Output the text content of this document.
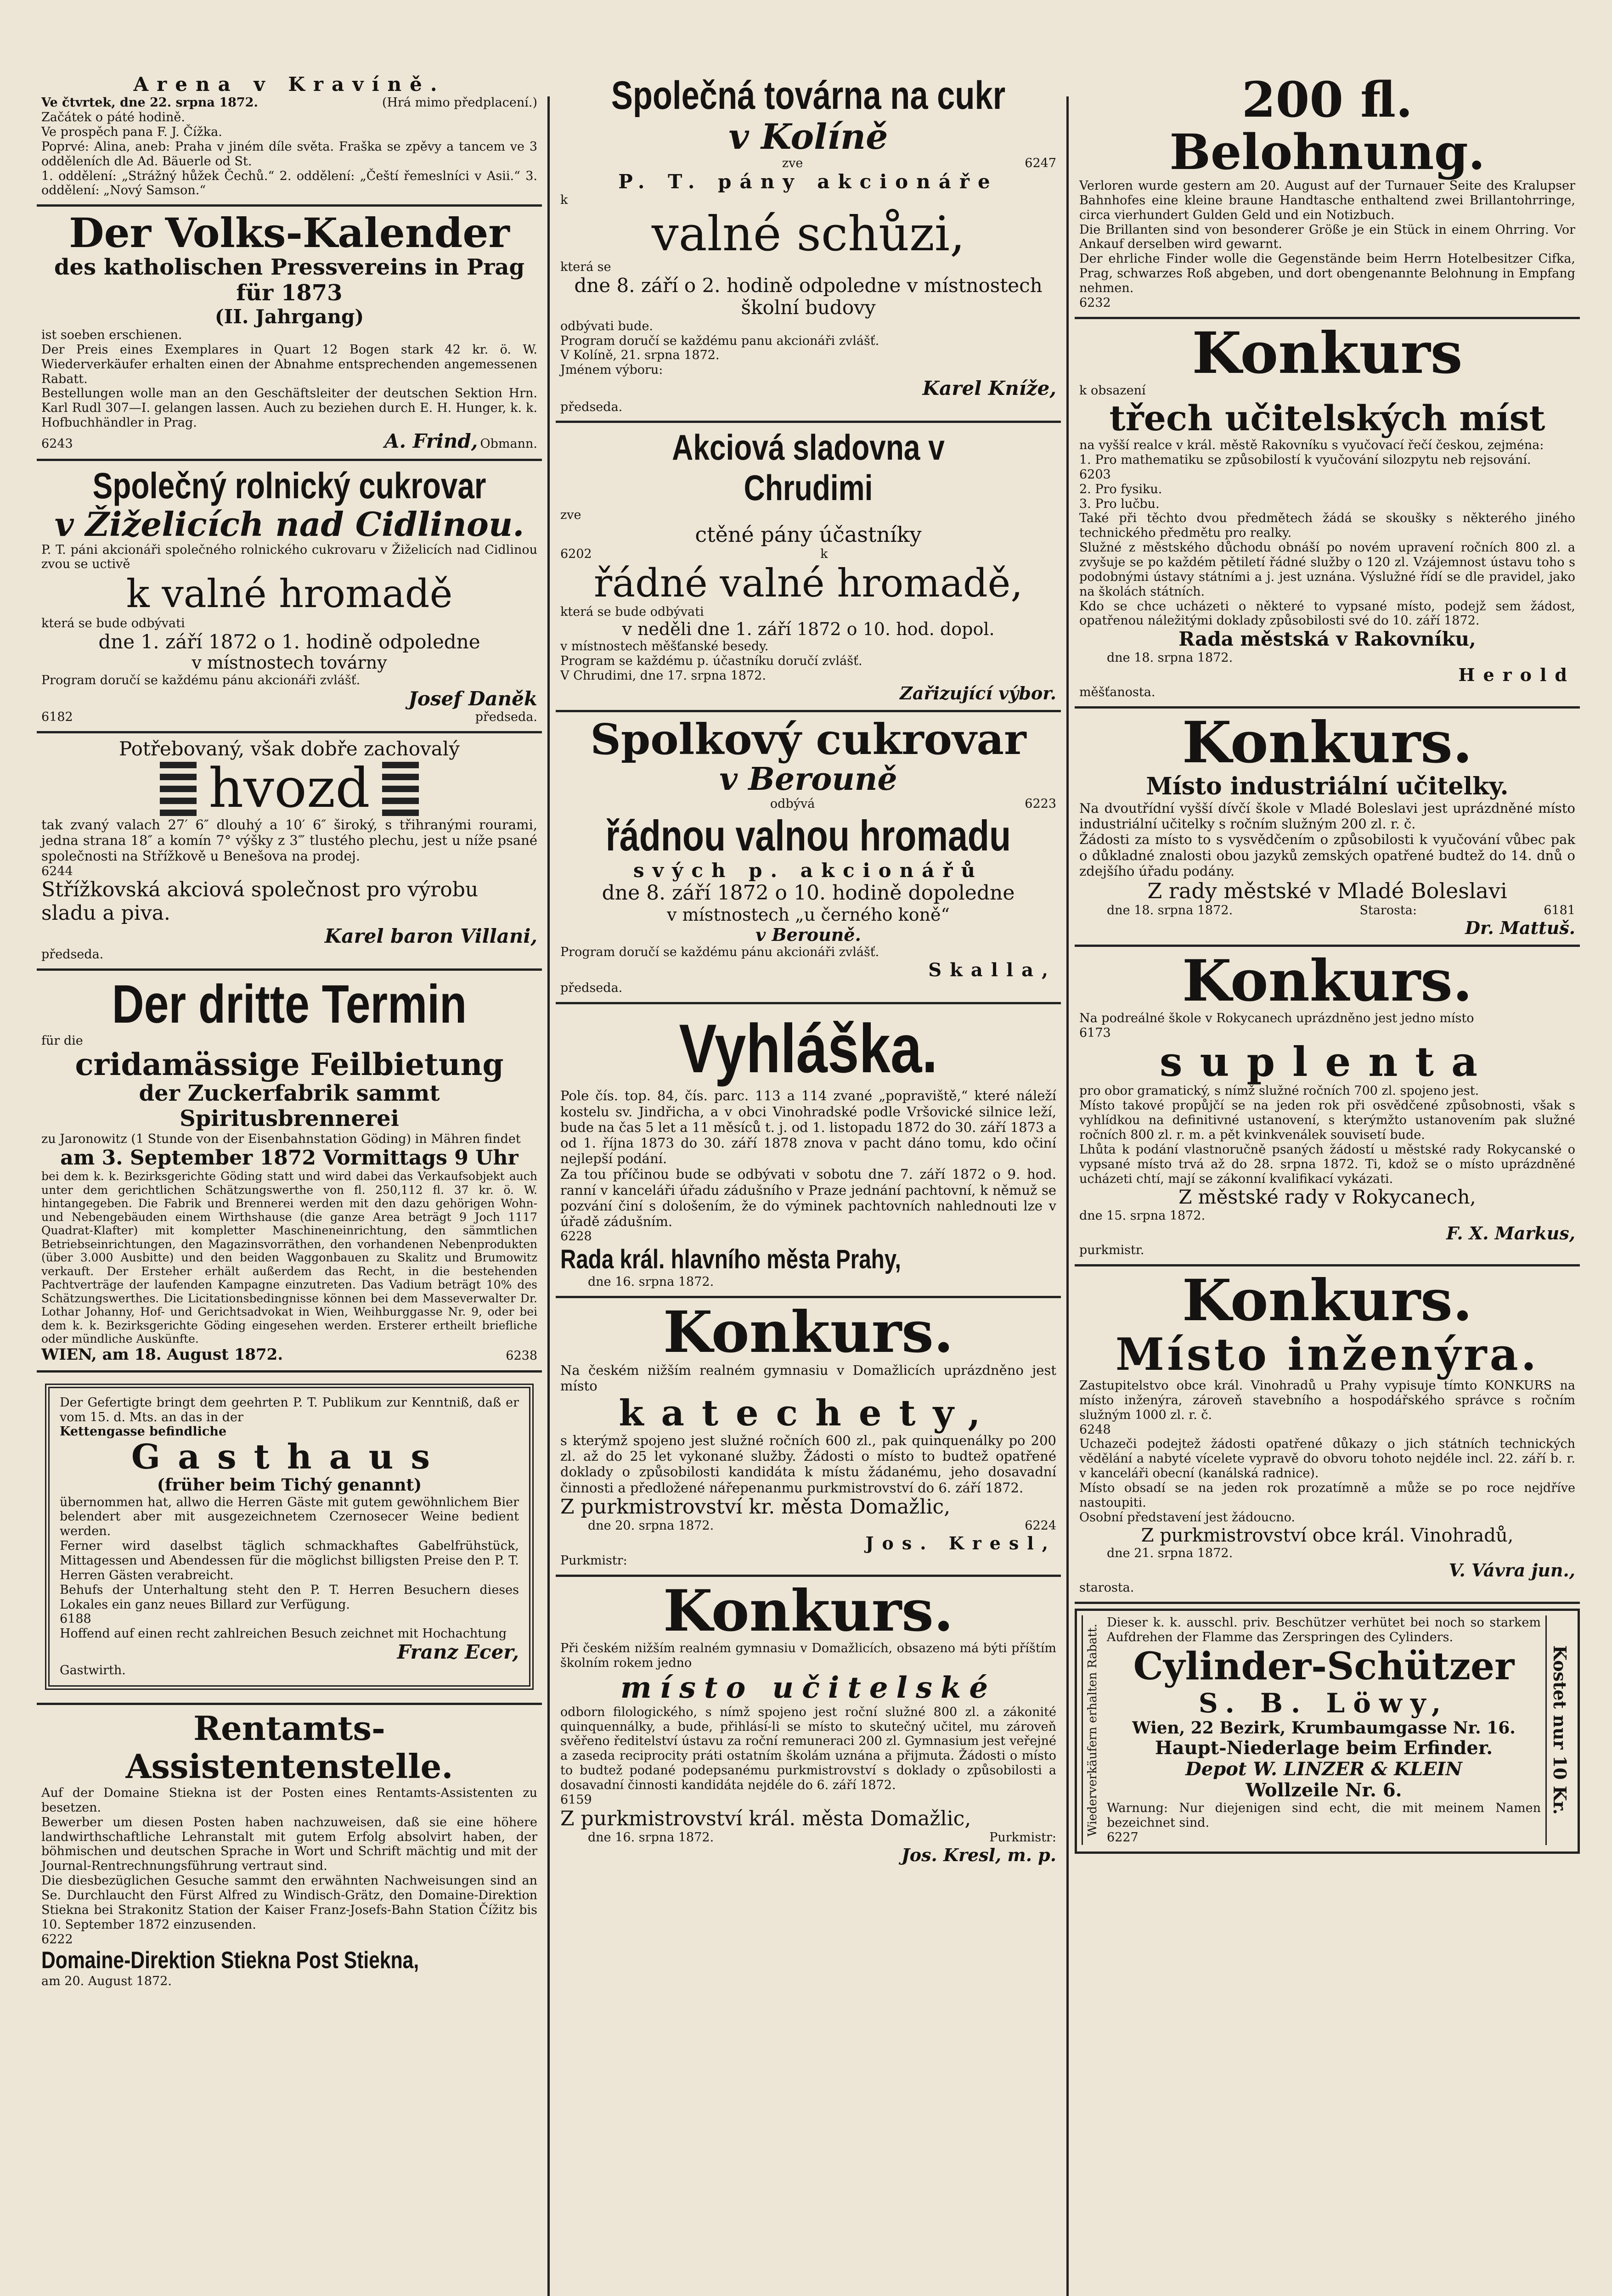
Arena v Kravíně.
Ve čtvrtek, dne 22. srpna 1872.	(Hrá mimo předplacení.)
Začátek o páté hodině.
Ve prospěch pana F. J. Čížka.
Poprvé: Alina, aneb: Praha v jiném díle světa. Fraška se zpěvy a tancem ve 3 odděleních dle Ad. Bäuerle od St.
1. oddělení: „Strážný hůžek Čechů.“ 2. oddělení: „Čeští řemeslníci v Asii.“ 3. oddělení: „Nový Samson.“
Der Volks-Kalender
des katholischen Pressvereins in Prag für 1873
(II. Jahrgang)
ist soeben erschienen.
Der Preis eines Exemplares in Quart 12 Bogen stark 42 kr. ö. W. Wiederverkäufer erhalten einen der Abnahme entsprechenden angemessenen Rabatt.
Bestellungen wolle man an den Geschäftsleiter der deutschen Sektion Hrn. Karl Rudl 307—I. gelangen lassen. Auch zu beziehen durch E. H. Hunger, k. k. Hofbuchhändler in Prag.
6243	A. Frind, Obmann.
Společný rolnický cukrovar
v Žiželicích nad Cidlinou.
P. T. páni akcionáři společného rolnického cukrovaru v Žiželicích nad Cidlinou zvou se uctivě
k valné hromadě
která se bude odbývati
dne 1. září 1872 o 1. hodině odpoledne
v místnostech továrny
Program doručí se každému pánu akcionáři zvlášť.
Josef Daněk
6182	předseda.
Potřebovaný, však dobře zachovalý
hvozd
tak zvaný valach 27′ 6″ dlouhý a 10′ 6″ široký, s třihranými rourami, jedna strana 18″ a komín 7° výšky z 3‴ tlustého plechu, jest u níže psané společnosti na Střížkově u Benešova na prodej.
6244
Střížkovská akciová společnost pro výrobu sladu a piva.
Karel baron Villani,
předseda.
Der dritte Termin
für die
cridamässige Feilbietung
der Zuckerfabrik sammt Spiritusbrennerei
zu Jaronowitz (1 Stunde von der Eisenbahnstation Göding) in Mähren findet
am 3. September 1872 Vormittags 9 Uhr
bei dem k. k. Bezirksgerichte Göding statt und wird dabei das Verkaufsobjekt auch unter dem gerichtlichen Schätzungswerthe von fl. 250,112 fl. 37 kr. ö. W. hintangegeben. Die Fabrik und Brennerei werden mit den dazu gehörigen Wohn- und Nebengebäuden einem Wirthshause (die ganze Area beträgt 9 Joch 1117 Quadrat-Klafter) mit kompletter Maschineneinrichtung, den sämmtlichen Betriebseinrichtungen, den Magazinsvorräthen, den vorhandenen Nebenprodukten (über 3.000 Ausbitte) und den beiden Waggonbauen zu Skalitz und Brumowitz verkauft. Der Ersteher erhält außerdem das Recht, in die bestehenden Pachtverträge der laufenden Kampagne einzutreten. Das Vadium beträgt 10% des Schätzungswerthes. Die Licitationsbedingnisse können bei dem Masseverwalter Dr. Lothar Johanny, Hof- und Gerichtsadvokat in Wien, Weihburggasse Nr. 9, oder bei dem k. k. Bezirksgerichte Göding eingesehen werden. Ersterer ertheilt briefliche oder mündliche Auskünfte.
WIEN, am 18. August 1872.	6238
Der Gefertigte bringt dem geehrten P. T. Publikum zur Kenntniß, daß er vom 15. d. Mts. an das in der
Kettengasse befindliche
Gasthaus
(früher beim Tichý genannt)
übernommen hat, allwo die Herren Gäste mit gutem gewöhnlichem Bier belendert aber mit ausgezeichnetem Czernosecer Weine bedient werden.
Ferner wird daselbst täglich schmackhaftes Gabelfrühstück, Mittagessen und Abendessen für die möglichst billigsten Preise den P. T. Herren Gästen verabreicht.
Behufs der Unterhaltung steht den P. T. Herren Besuchern dieses Lokales ein ganz neues Billard zur Verfügung.
6188
Hoffend auf einen recht zahlreichen Besuch zeichnet mit Hochachtung
Franz Ecer,
Gastwirth.
Rentamts-Assistentenstelle.
Auf der Domaine Stiekna ist der Posten eines Rentamts-Assistenten zu besetzen.
Bewerber um diesen Posten haben nachzuweisen, daß sie eine höhere landwirthschaftliche Lehranstalt mit gutem Erfolg absolvirt haben, der böhmischen und deutschen Sprache in Wort und Schrift mächtig und mit der Journal-Rentrechnungsführung vertraut sind.
Die diesbezüglichen Gesuche sammt den erwähnten Nachweisungen sind an Se. Durchlaucht den Fürst Alfred zu Windisch-Grätz, den Domaine-Direktion Stiekna bei Strakonitz Station der Kaiser Franz-Josefs-Bahn Station Čížitz bis 10. September 1872 einzusenden.
6222
Domaine-Direktion Stiekna Post Stiekna,
am 20. August 1872.
Společná továrna na cukr
v Kolíně
zve	6247
P. T. pány akcionáře
k
valné schůzi,
která se
dne 8. září o 2. hodině odpoledne v místnostech školní budovy
odbývati bude.
Program doručí se každému panu akcionáři zvlášť.
V Kolíně, 21. srpna 1872.
Jménem výboru:
Karel Kníže,
předseda.
Akciová sladovna v Chrudimi
zve
ctěné pány účastníky
6202	k
řádné valné hromadě,
která se bude odbývati
v neděli dne 1. září 1872 o 10. hod. dopol.
v místnostech měšťanské besedy.
Program se každému p. účastníku doručí zvlášť.
V Chrudimi, dne 17. srpna 1872.
Zařizující výbor.
Spolkový cukrovar
v Berouně
odbývá	6223
řádnou valnou hromadu
svých p. akcionářů
dne 8. září 1872 o 10. hodině dopoledne
v místnostech „u černého koně“
v Berouně.
Program doručí se každému pánu akcionáři zvlášť.
Skalla,
předseda.
Vyhláška.
Pole čís. top. 84, čís. parc. 113 a 114 zvané „popraviště,“ které náleží kostelu sv. Jindřicha, a v obci Vinohradské podle Vršovické silnice leží, bude na čas 5 let a 11 měsíců t. j. od 1. listopadu 1872 do 30. září 1873 a od 1. října 1873 do 30. září 1878 znova v pacht dáno tomu, kdo očiní nejlepší podání.
Za tou příčinou bude se odbývati v sobotu dne 7. září 1872 o 9. hod. ranní v kanceláři úřadu zádušního v Praze jednání pachtovní, k němuž se pozvání činí s dološením, že do výminek pachtovních nahlednouti lze v úřadě zádušním.
6228
Rada král. hlavního města Prahy,
dne 16. srpna 1872.
Konkurs.
Na českém nižším realném gymnasiu v Domažlicích uprázdněno jest místo
katechety,
s kterýmž spojeno jest služné ročních 600 zl., pak quinquenálky po 200 zl. až do 25 let vykonané služby. Žádosti o místo to budtež opatřené doklady o způsobilosti kandidáta k místu žádanému, jeho dosavadní činnosti a předložené nářepenanmu purkmistrovství do 6. září 1872.
Z purkmistrovství kr. města Domažlic,
dne 20. srpna 1872.	6224
Jos. Kresl,
Purkmistr:
Konkurs.
Při českém nižším realném gymnasiu v Domažlicích, obsazeno má býti příštím školním rokem jedno
místo učitelské
odborn filologického, s nímž spojeno jest roční služné 800 zl. a zákonité quinquennálky, a bude, přihlásí-li se místo to skutečný učitel, mu zároveň svěřeno ředitelství ústavu za roční remuneraci 200 zl. Gymnasium jest veřejné a zaseda reciprocity práti ostatním školám uznána a přijmuta. Žádosti o místo to budtež podané podepsanému purkmistrovství s doklady o způsobilosti a dosavadní činnosti kandidáta nejdéle do 6. září 1872.
6159
Z purkmistrovství král. města Domažlic,
dne 16. srpna 1872.	Purkmistr:
Jos. Kresl, m. p.
200 fl. Belohnung.
Verloren wurde gestern am 20. August auf der Turnauer Seite des Kralupser Bahnhofes eine kleine braune Handtasche enthaltend zwei Brillantohrringe, circa vierhundert Gulden Geld und ein Notizbuch.
Die Brillanten sind von besonderer Größe je ein Stück in einem Ohrring. Vor Ankauf derselben wird gewarnt.
Der ehrliche Finder wolle die Gegenstände beim Herrn Hotelbesitzer Cifka, Prag, schwarzes Roß abgeben, und dort obengenannte Belohnung in Empfang nehmen.
6232
Konkurs
k obsazení
třech učitelských míst
na vyšší realce v král. městě Rakovníku s vyučovací řečí českou, zejména:
1. Pro mathematiku se způsobilostí k vyučování silozpytu neb rejsování.
6203
2. Pro fysiku.
3. Pro lučbu.
Také při těchto dvou předmětech žádá se skoušky s některého jiného technického předmětu pro realky.
Služné z městského důchodu obnáší po novém upravení ročních 800 zl. a zvyšuje se po každém pětiletí řádné služby o 120 zl. Vzájemnost ústavu toho s podobnými ústavy státními a j. jest uznána. Výslužné řídí se dle pravidel, jako na školách státních.
Kdo se chce ucházeti o některé to vypsané místo, podejž sem žádost, opatřenou náležitými doklady způsobilosti své do 10. září 1872.
Rada městská v Rakovníku,
dne 18. srpna 1872.
Herold
měšťanosta.
Konkurs.
Místo industriální učitelky.
Na dvoutřídní vyšší dívčí škole v Mladé Boleslavi jest uprázdněné místo industriální učitelky s ročním služným 200 zl. r. č.
Žádosti za místo to s vysvědčením o způsobilosti k vyučování vůbec pak o důkladné znalosti obou jazyků zemských opatřené budtež do 14. dnů o zdejšího úřadu podány.
Z rady městské v Mladé Boleslavi
dne 18. srpna 1872.	Starosta:	6181
Dr. Mattuš.
Konkurs.
Na podreálné škole v Rokycanech uprázdněno jest jedno místo
6173
suplenta
pro obor gramatický, s nímž služné ročních 700 zl. spojeno jest.
Místo takové propůjčí se na jeden rok při osvědčené způsobnosti, však s vyhlídkou na definitivné ustanovení, s kterýmžto ustanovením pak služné ročních 800 zl. r. m. a pět kvinkvenálek souvisetí bude.
Lhůta k podání vlastnoručně psaných žádostí u městské rady Rokycanské o vypsané místo trvá až do 28. srpna 1872. Ti, kdož se o místo uprázdněné ucházeti chtí, mají se zákonní kvalifikací vykázati.
Z městské rady v Rokycanech,
dne 15. srpna 1872.
F. X. Markus,
purkmistr.
Konkurs.
Místo inženýra.
Zastupitelstvo obce král. Vinohradů u Prahy vypisuje tímto KONKURS na místo inženýra, zároveň stavebního a hospodářského správce s ročním služným 1000 zl. r. č.
6248
Uchazeči podejtež žádosti opatřené důkazy o jich státních technických vědělání a nabyté vícelete vypravě do obvoru tohoto nejdéle incl. 22. září b. r. v kanceláři obecní (kanálská radnice).
Místo obsadí se na jeden rok prozatímně a může se po roce nejdříve nastoupiti.
Osobní představení jest žádoucno.
Z purkmistrovství obce král. Vinohradů,
dne 21. srpna 1872.
V. Vávra jun.,
starosta.
Wiederverkäufern erhalten Rabatt.
Dieser k. k. ausschl. priv. Beschützer verhütet bei noch so starkem Aufdrehen der Flamme das Zerspringen des Cylinders.
Cylinder-Schützer
S. B. Löwy,
Wien, 22 Bezirk, Krumbaumgasse Nr. 16.
Haupt-Niederlage beim Erfinder.
Depot W. LINZER & KLEIN
Wollzeile Nr. 6.
Warnung: Nur diejenigen sind echt, die mit meinem Namen bezeichnet sind.
6227
Kostet nur 10 Kr.
